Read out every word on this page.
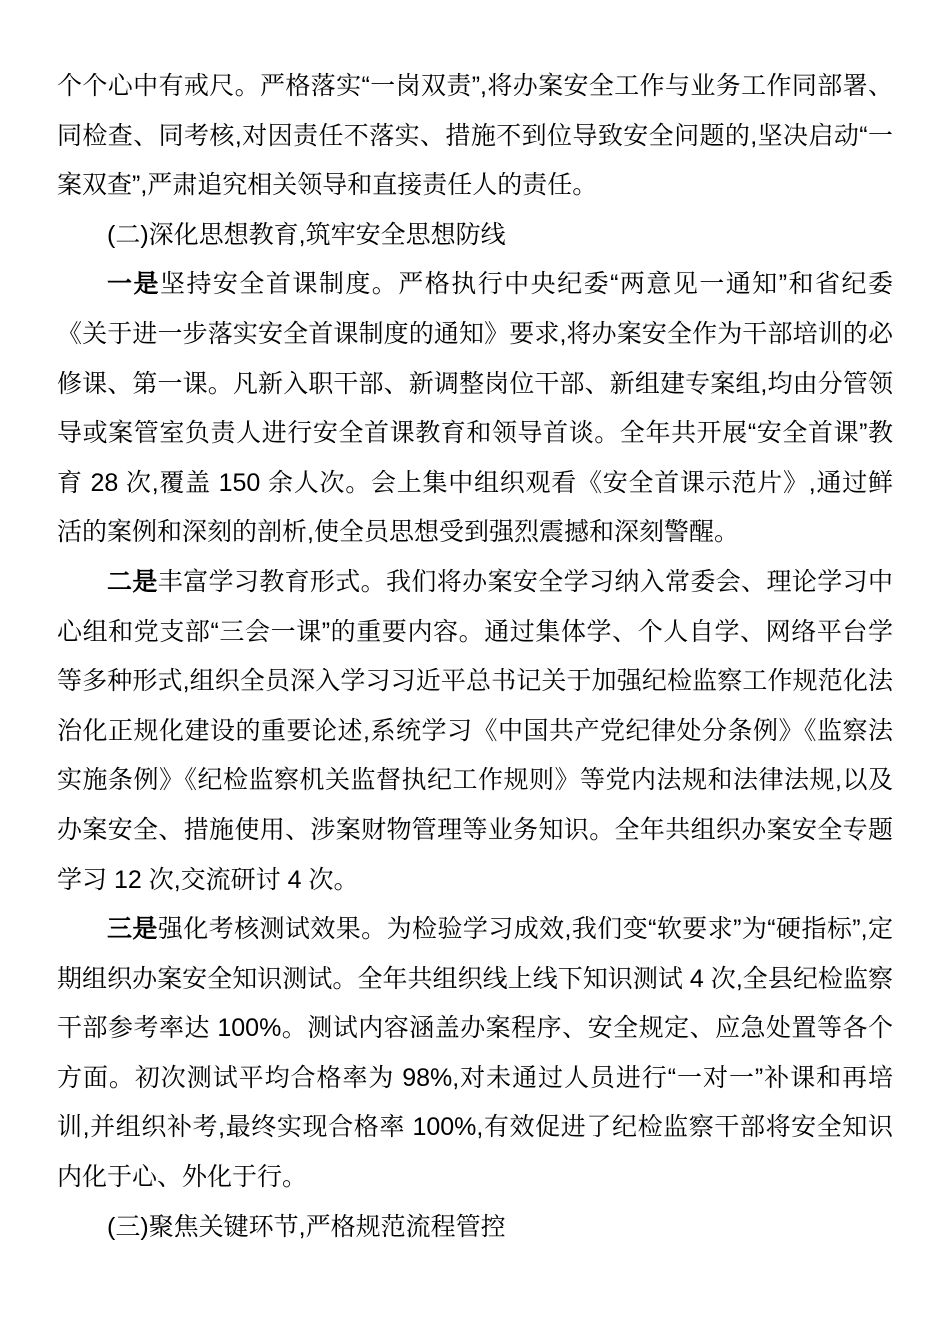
个个心中有戒尺。严格落实“一岗双责”,将办案安全工作与业务工作同部署、同检查、同考核,对因责任不落实、措施不到位导致安全问题的,坚决启动“一案双查”,严肃追究相关领导和直接责任人的责任。

(二)深化思想教育,筑牢安全思想防线

一是坚持安全首课制度。严格执行中央纪委“两意见一通知”和省纪委《关于进一步落实安全首课制度的通知》要求,将办案安全作为干部培训的必修课、第一课。凡新入职干部、新调整岗位干部、新组建专案组,均由分管领导或案管室负责人进行安全首课教育和领导首谈。全年共开展“安全首课”教育 28 次,覆盖 150 余人次。会上集中组织观看《安全首课示范片》,通过鲜活的案例和深刻的剖析,使全员思想受到强烈震撼和深刻警醒。

二是丰富学习教育形式。我们将办案安全学习纳入常委会、理论学习中心组和党支部“三会一课”的重要内容。通过集体学、个人自学、网络平台学等多种形式,组织全员深入学习习近平总书记关于加强纪检监察工作规范化法治化正规化建设的重要论述,系统学习《中国共产党纪律处分条例》《监察法实施条例》《纪检监察机关监督执纪工作规则》等党内法规和法律法规,以及办案安全、措施使用、涉案财物管理等业务知识。全年共组织办案安全专题学习 12 次,交流研讨 4 次。

三是强化考核测试效果。为检验学习成效,我们变“软要求”为“硬指标”,定期组织办案安全知识测试。全年共组织线上线下知识测试 4 次,全县纪检监察干部参考率达 100%。测试内容涵盖办案程序、安全规定、应急处置等各个方面。初次测试平均合格率为 98%,对未通过人员进行“一对一”补课和再培训,并组织补考,最终实现合格率 100%,有效促进了纪检监察干部将安全知识内化于心、外化于行。

(三)聚焦关键环节,严格规范流程管控
